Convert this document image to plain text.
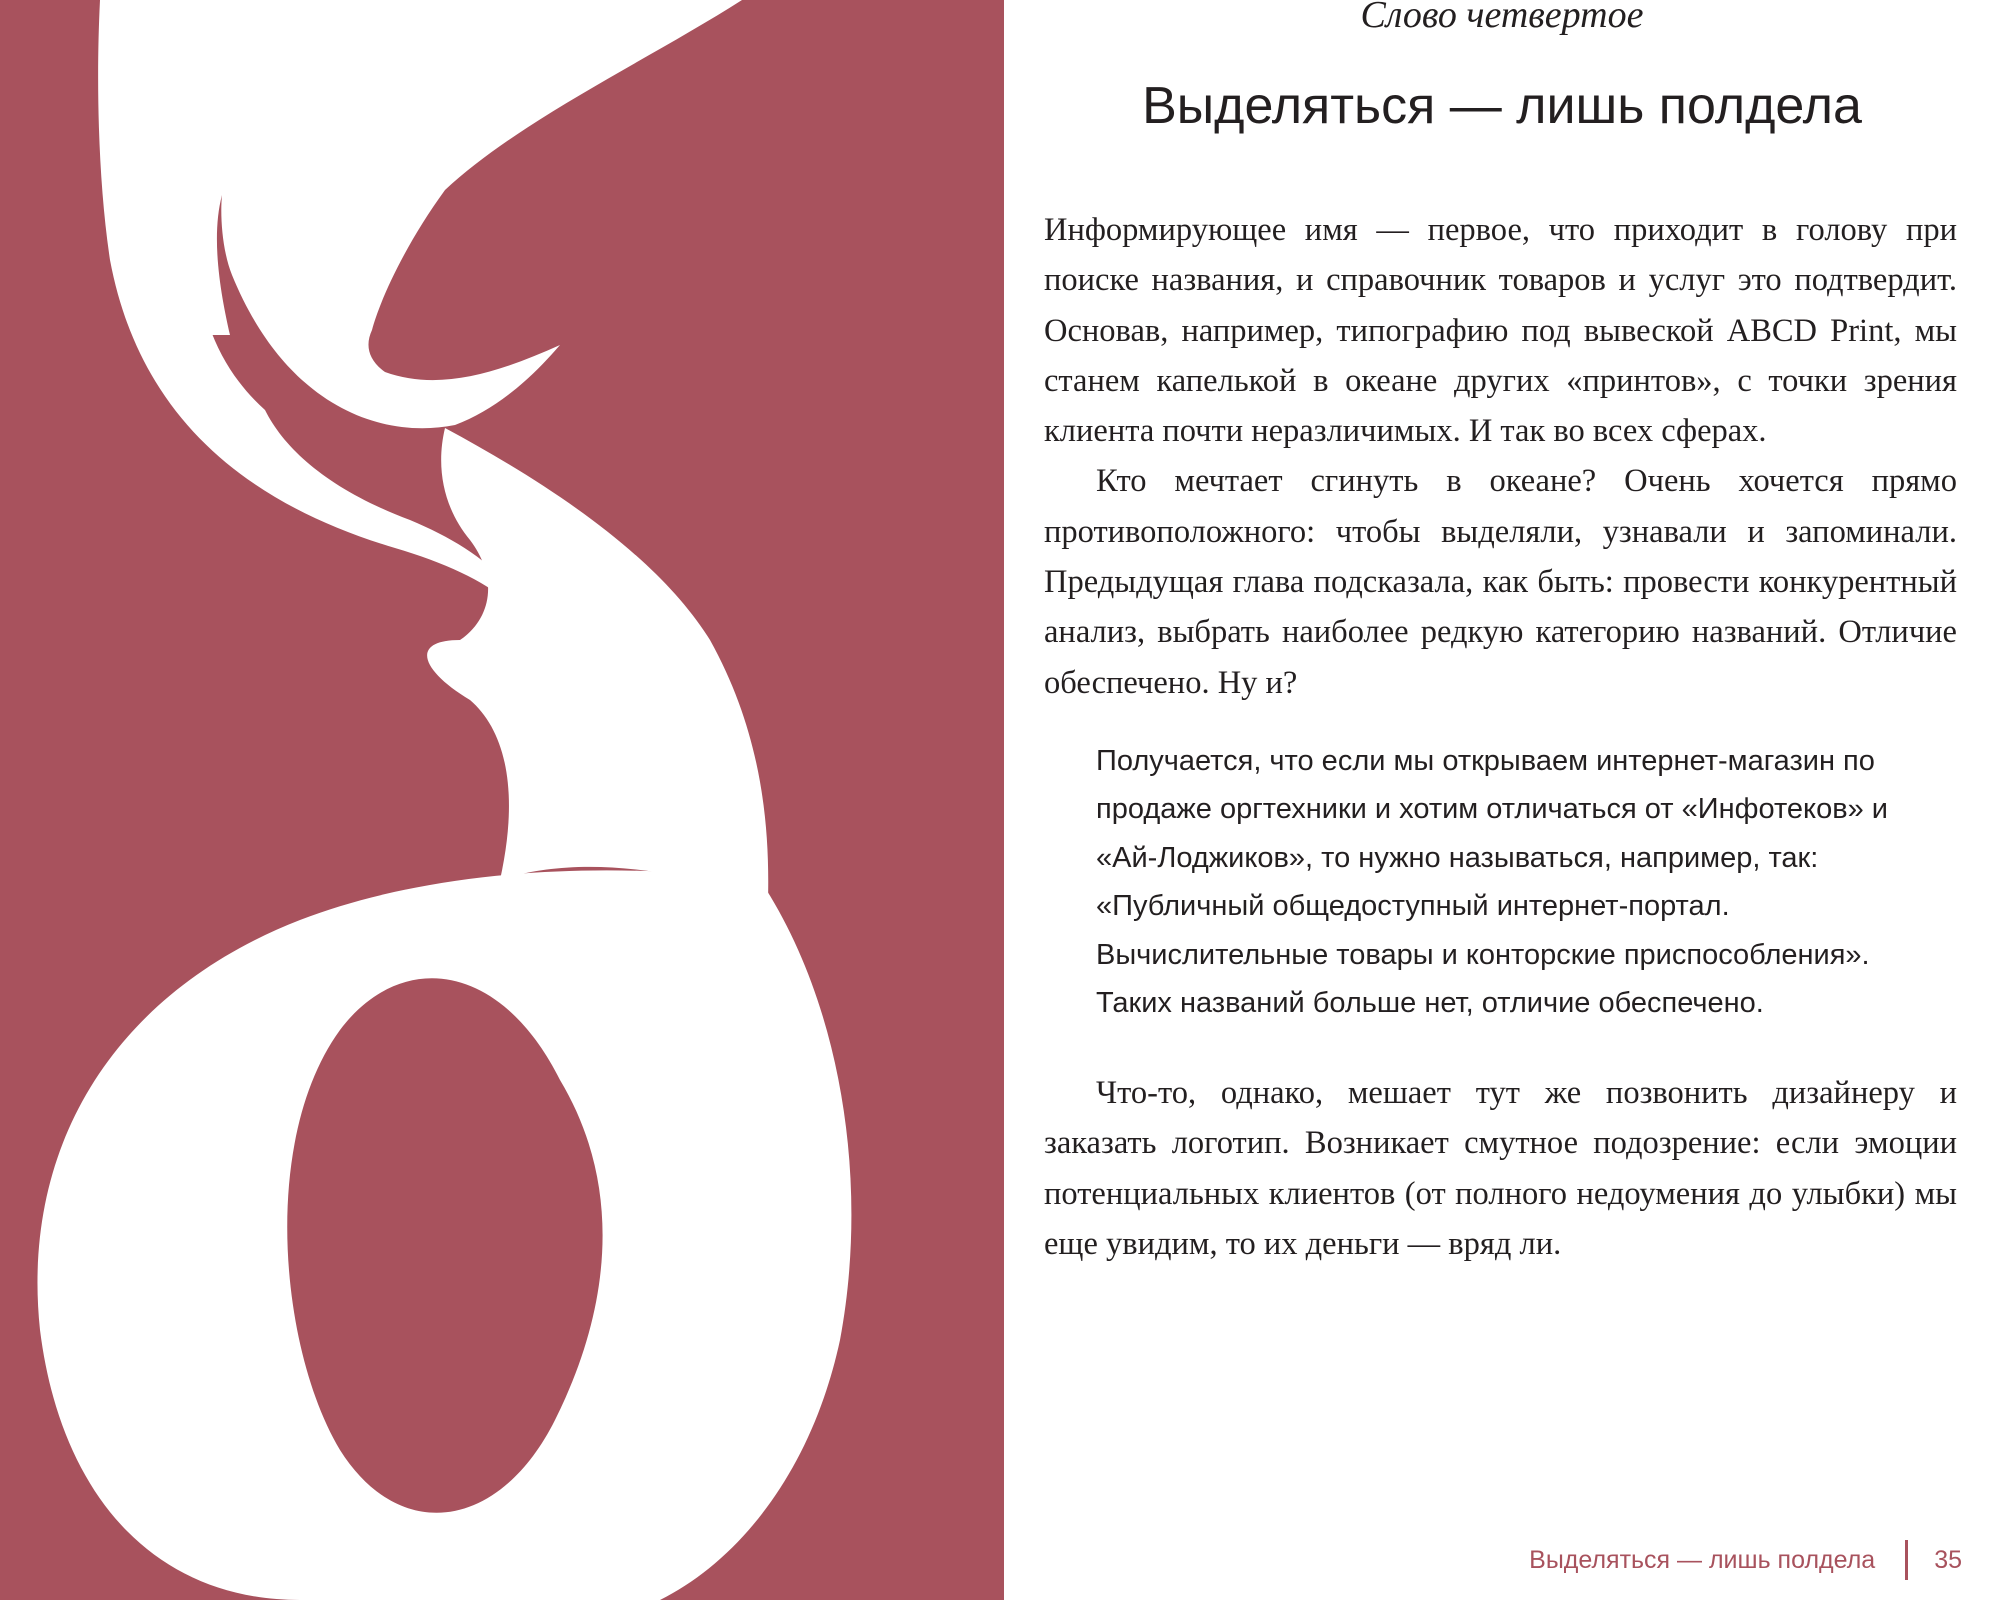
Слово четвертое

Выделяться — лишь полдела

Информирующее имя — первое, что приходит в голову при поиске названия, и справочник товаров и услуг это подтвердит. Основав, например, типографию под вывеской ABCD Print, мы станем капелькой в океане других «принтов», с точки зрения клиента почти неразличимых. И так во всех сферах.

Кто мечтает сгинуть в океане? Очень хочется прямо противоположного: чтобы выделяли, узнавали и запоминали. Предыдущая глава подсказала, как быть: провести конкурентный анализ, выбрать наиболее редкую категорию названий. Отличие обеспечено. Ну и?

Получается, что если мы открываем интернет-магазин по продаже оргтехники и хотим отличаться от «Инфотеков» и «Ай-Лоджиков», то нужно называться, например, так: «Публичный общедоступный интернет-портал. Вычислительные товары и конторские приспособления». Таких названий больше нет, отличие обеспечено.

Что-то, однако, мешает тут же позвонить дизайнеру и заказать логотип. Возникает смутное подозрение: если эмоции потенциальных клиентов (от полного недоумения до улыбки) мы еще увидим, то их деньги — вряд ли.

Выделяться — лишь полдела 35
